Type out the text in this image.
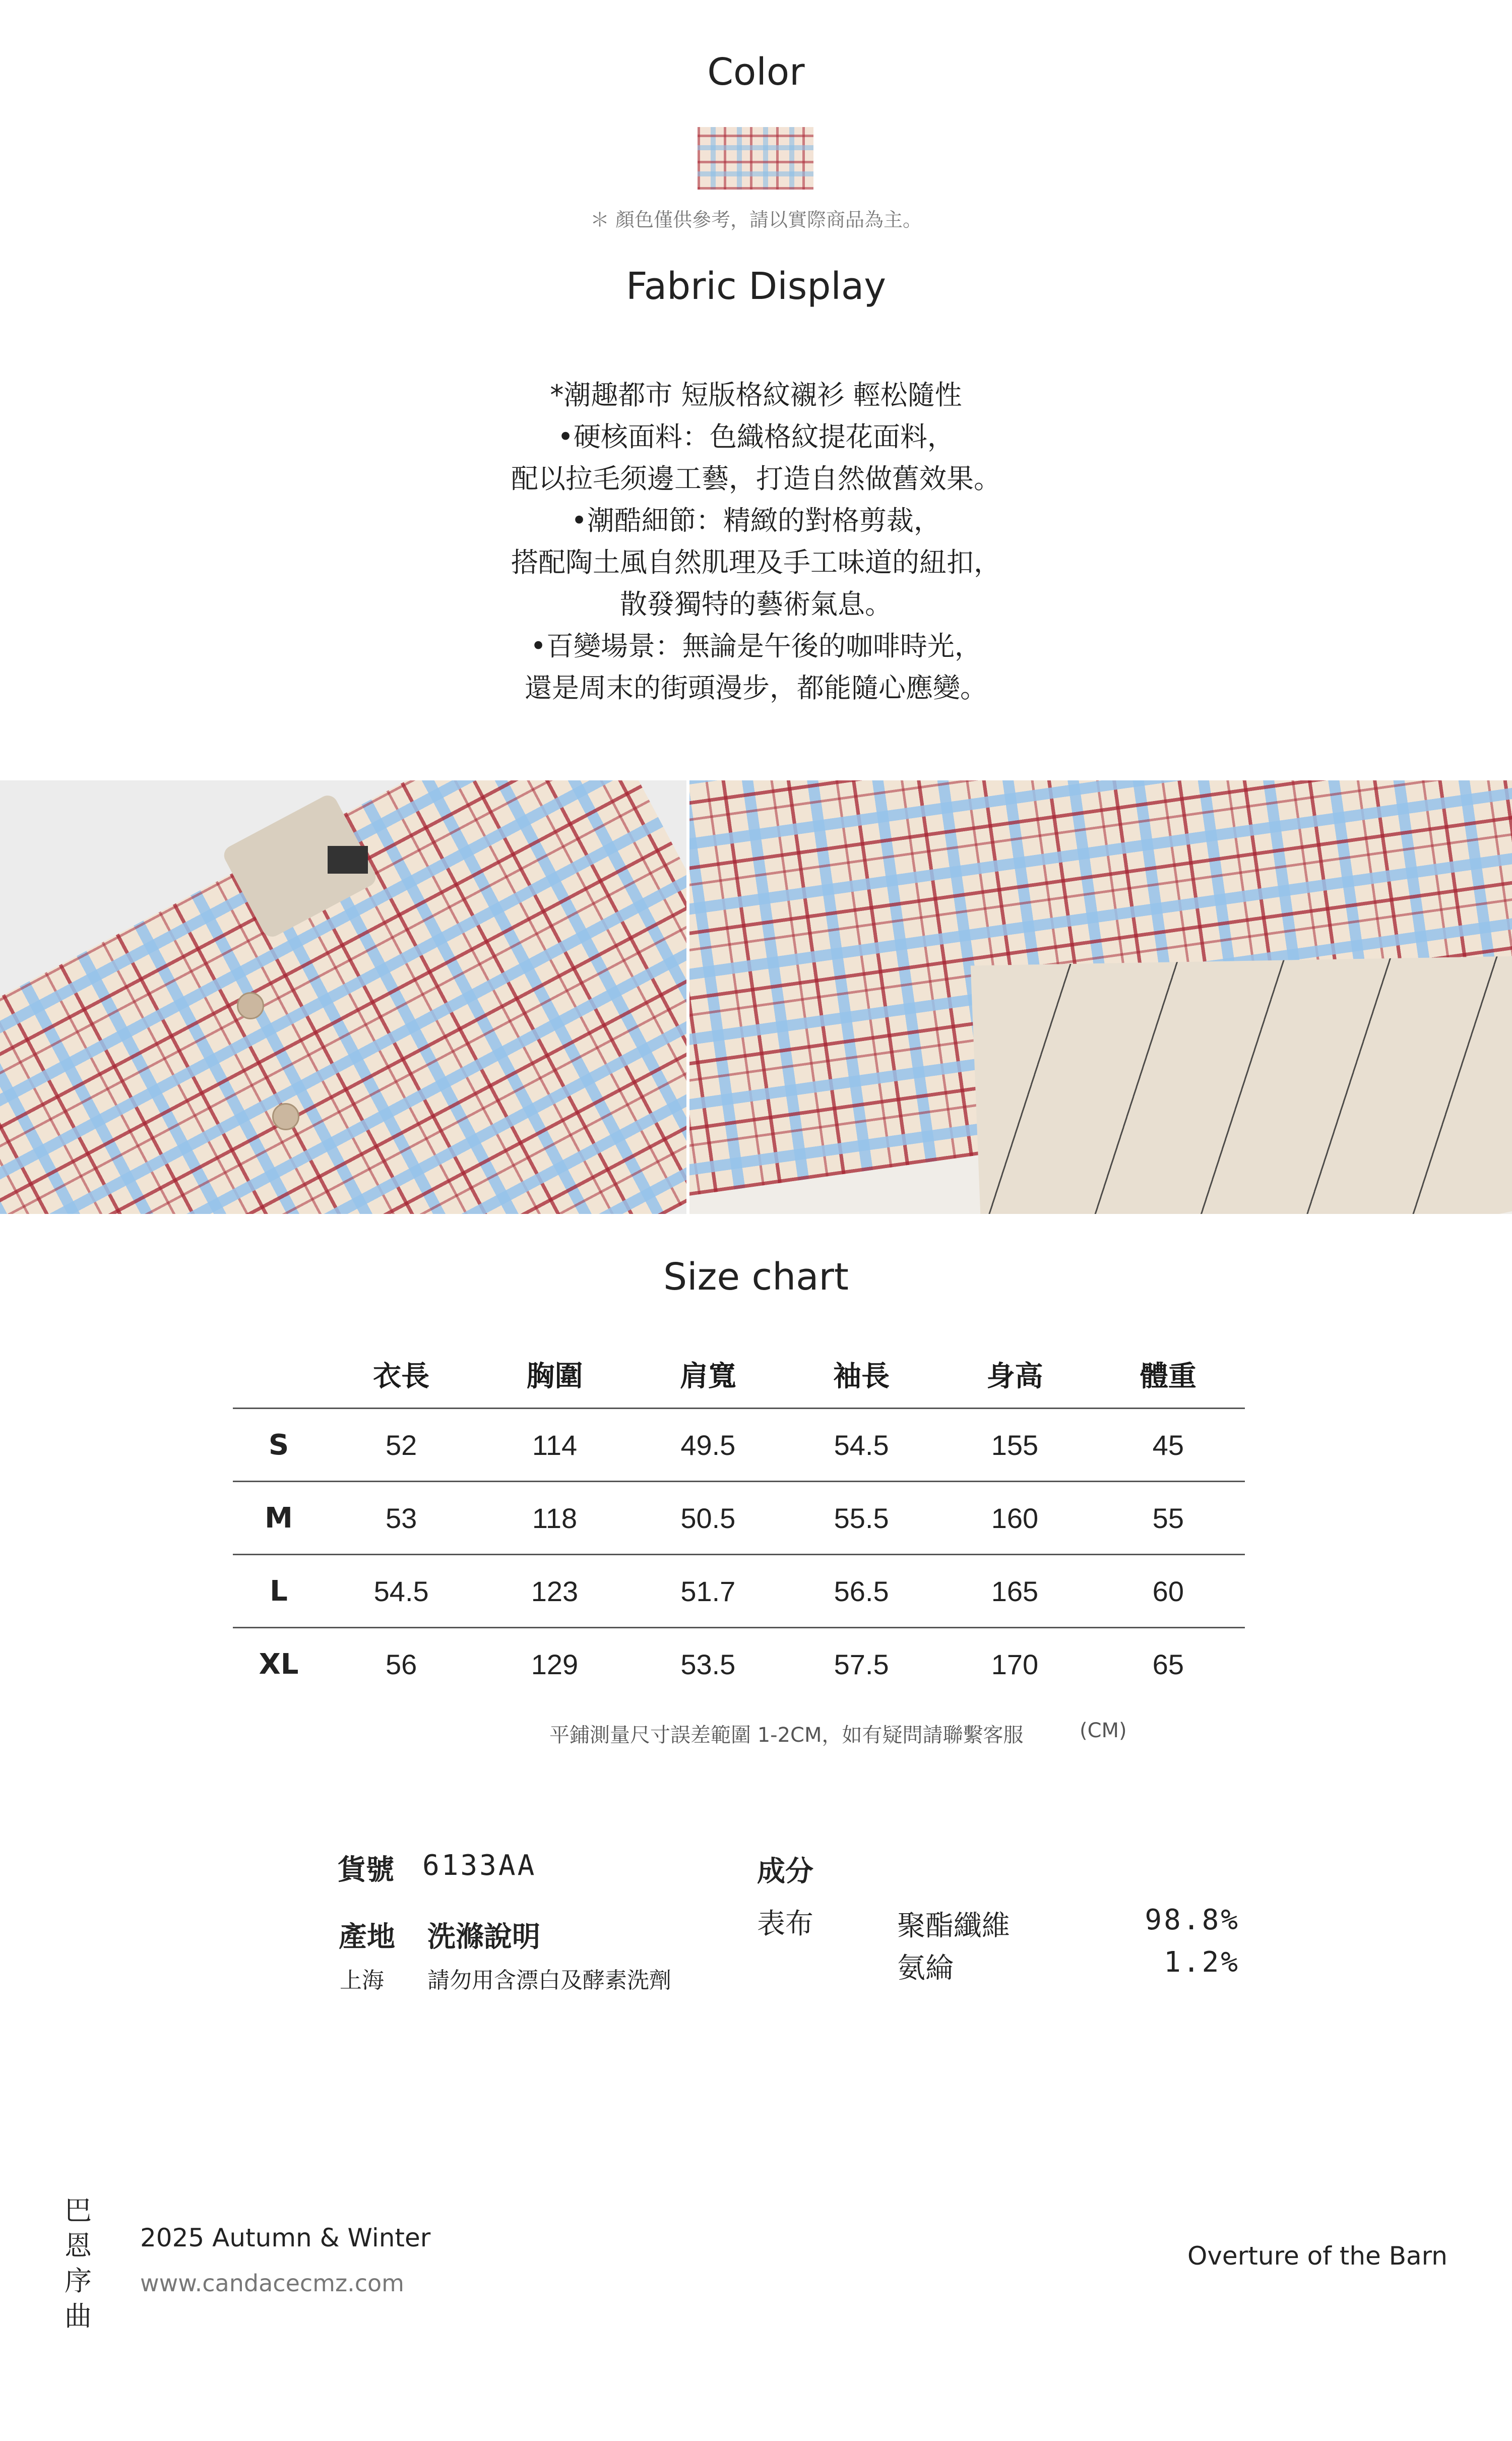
Color
＊ 顏色僅供參考，請以實際商品為主。
Fabric Display
*潮趣都市 短版格紋襯衫 輕松隨性
•硬核面料：色織格紋提花面料，
配以拉毛须邊工藝，打造自然做舊效果。
•潮酷細節：精緻的對格剪裁，
搭配陶土風自然肌理及手工味道的紐扣，
散發獨特的藝術氣息。
•百變場景：無論是午後的咖啡時光，
還是周末的街頭漫步，都能隨心應變。
Size chart
	衣長	胸圍	肩寬	袖長	身高	體重
S	52	114	49.5	54.5	155	45
M	53	118	50.5	55.5	160	55
L	54.5	123	51.7	56.5	165	60
XL	56	129	53.5	57.5	170	65
平鋪測量尺寸誤差範圍 1-2CM，如有疑問請聯繫客服	(CM)
貨號 6133AA
產地 洗滌說明
上海 請勿用含漂白及酵素洗劑
成分
表布	聚酯纖維	98.8%
氨綸	1.2%
巴
恩
序
曲
2025 Autumn & Winter
www.candacecmz.com
Overture of the Barn
